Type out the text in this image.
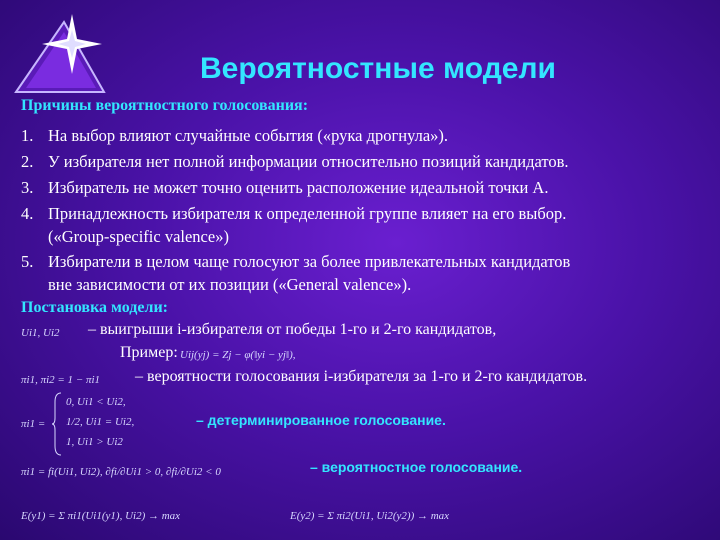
Вероятностные модели
Причины вероятностного голосования:
1. На выбор влияют случайные события («рука дрогнула»).
2. У избирателя нет полной информации относительно позиций кандидатов.
3. Избиратель не может точно оценить расположение идеальной точки A.
4. Принадлежность избирателя к определенной группе влияет на его выбор.
(«Group-specific valence»)
5. Избиратели в целом чаще голосуют за более привлекательных кандидатов
вне зависимости от их позиции («General valence»).
Постановка модели:
Ui1, Ui2 – выигрыши i-избирателя от победы 1-го и 2-го кандидатов,
Пример: Uij(yj) = Zj − φ(‖yi − yj‖),
πi1, πi2 = 1 − πi1 – вероятности голосования i-избирателя за 1-го и 2-го кандидатов.
πi1 =
0, Ui1 < Ui2,
1/2, Ui1 = Ui2,
1, Ui1 > Ui2
– детерминированное голосование.
πi1 = fi(Ui1, Ui2), ∂fi/∂Ui1 > 0, ∂fi/∂Ui2 < 0	– вероятностное голосование.
E(y1) = Σ πi1(Ui1(y1), Ui2) → max	E(y2) = Σ πi2(Ui1, Ui2(y2)) → max
